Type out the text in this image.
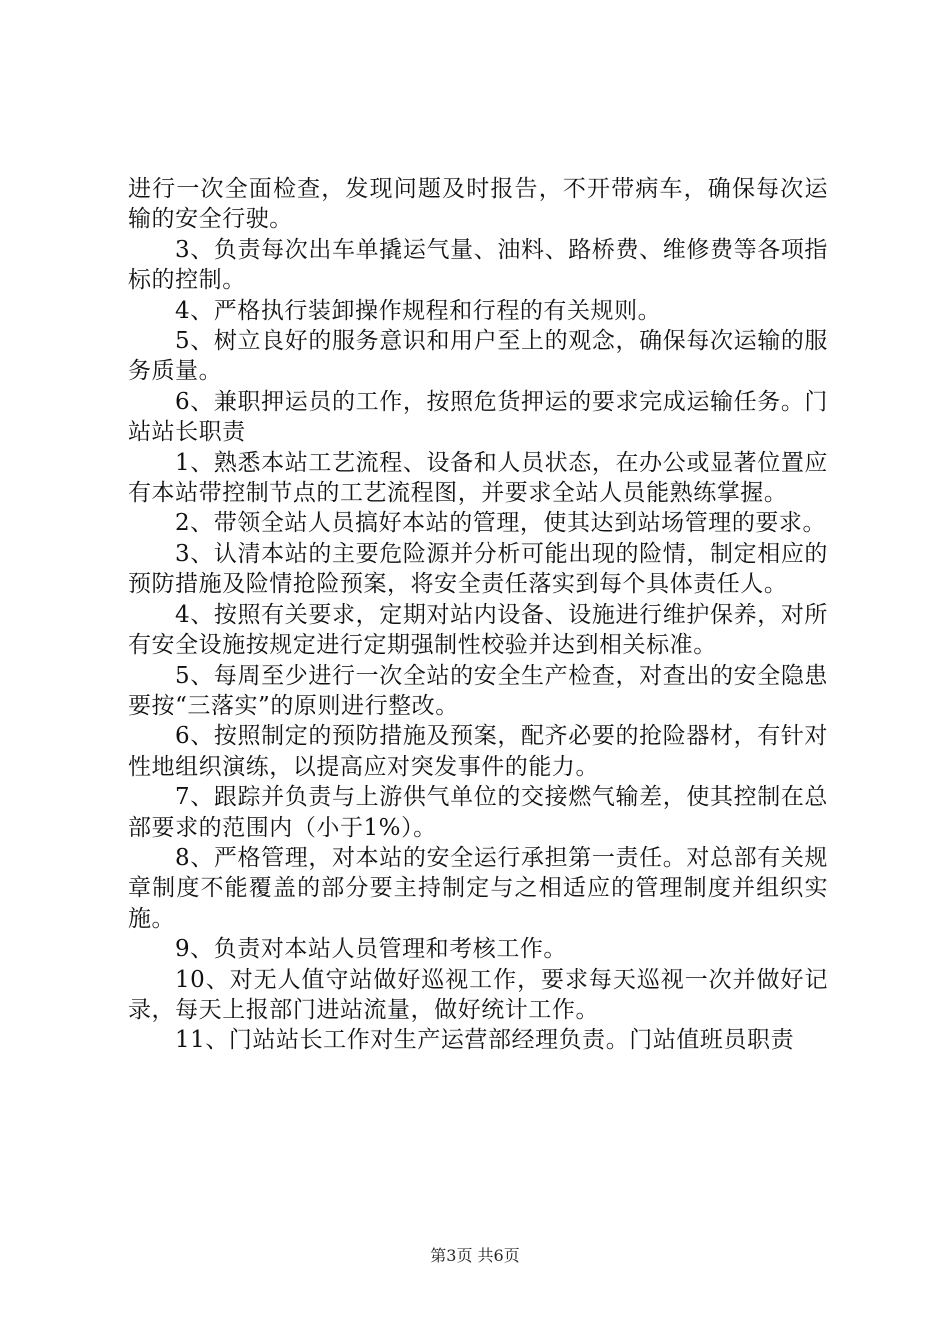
进行一次全面检查，发现问题及时报告，不开带病车，确保每次运输的安全行驶。

3、负责每次出车单撬运气量、油料、路桥费、维修费等各项指标的控制。

4、严格执行装卸操作规程和行程的有关规则。

5、树立良好的服务意识和用户至上的观念，确保每次运输的服务质量。

6、兼职押运员的工作，按照危货押运的要求完成运输任务。门站站长职责

1、熟悉本站工艺流程、设备和人员状态，在办公或显著位置应有本站带控制节点的工艺流程图，并要求全站人员能熟练掌握。

2、带领全站人员搞好本站的管理，使其达到站场管理的要求。

3、认清本站的主要危险源并分析可能出现的险情，制定相应的预防措施及险情抢险预案，将安全责任落实到每个具体责任人。

4、按照有关要求，定期对站内设备、设施进行维护保养，对所有安全设施按规定进行定期强制性校验并达到相关标准。

5、每周至少进行一次全站的安全生产检查，对查出的安全隐患要按“三落实”的原则进行整改。

6、按照制定的预防措施及预案，配齐必要的抢险器材，有针对性地组织演练，以提高应对突发事件的能力。

7、跟踪并负责与上游供气单位的交接燃气输差，使其控制在总部要求的范围内（小于1%）。

8、严格管理，对本站的安全运行承担第一责任。对总部有关规章制度不能覆盖的部分要主持制定与之相适应的管理制度并组织实施。

9、负责对本站人员管理和考核工作。

10、对无人值守站做好巡视工作，要求每天巡视一次并做好记录，每天上报部门进站流量，做好统计工作。

11、门站站长工作对生产运营部经理负责。门站值班员职责

第3页 共6页
